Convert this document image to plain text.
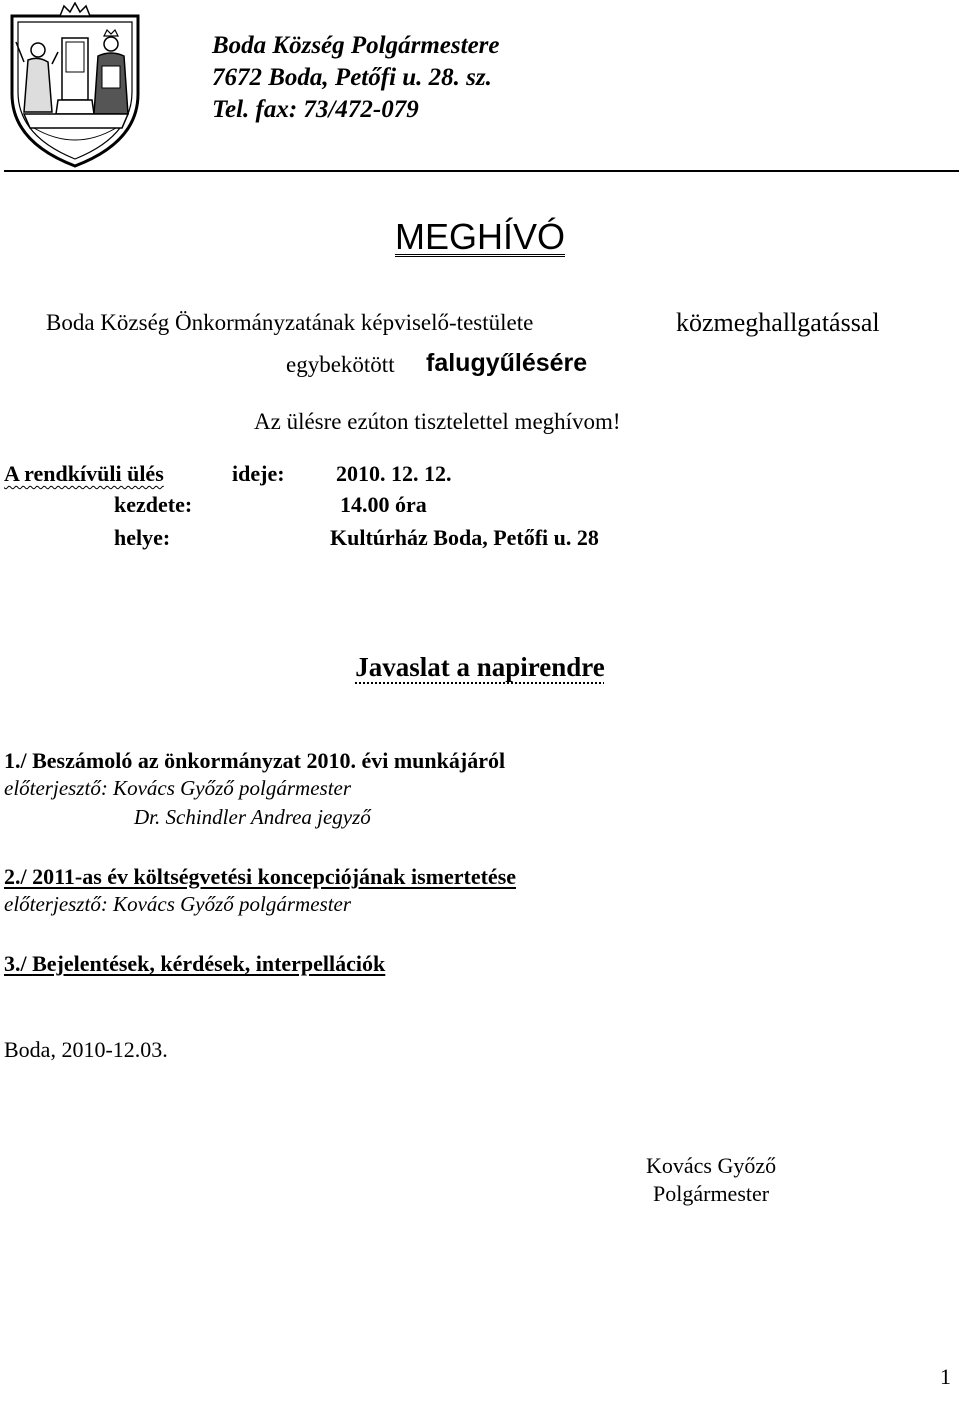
Boda Község Polgármestere
7672 Boda, Petőfi u. 28. sz.
Tel. fax: 73/472-079
MEGHÍVÓ
Boda Község Önkormányzatának képviselő-testülete	közmeghallgatással
egybekötött falugyűlésére
Az ülésre ezúton tisztelettel meghívom!
A rendkívüli ülés	ideje: 2010. 12. 12.
kezdete:	14.00 óra
helye:	Kultúrház Boda, Petőfi u. 28
Javaslat a napirendre
1./ Beszámoló az önkormányzat 2010. évi munkájáról
előterjesztő: Kovács Győző polgármester
Dr. Schindler Andrea jegyző
2./ 2011-as év költségvetési koncepciójának ismertetése
előterjesztő: Kovács Győző polgármester
3./ Bejelentések, kérdések, interpellációk
Boda, 2010-12.03.
Kovács Győző
Polgármester
1
